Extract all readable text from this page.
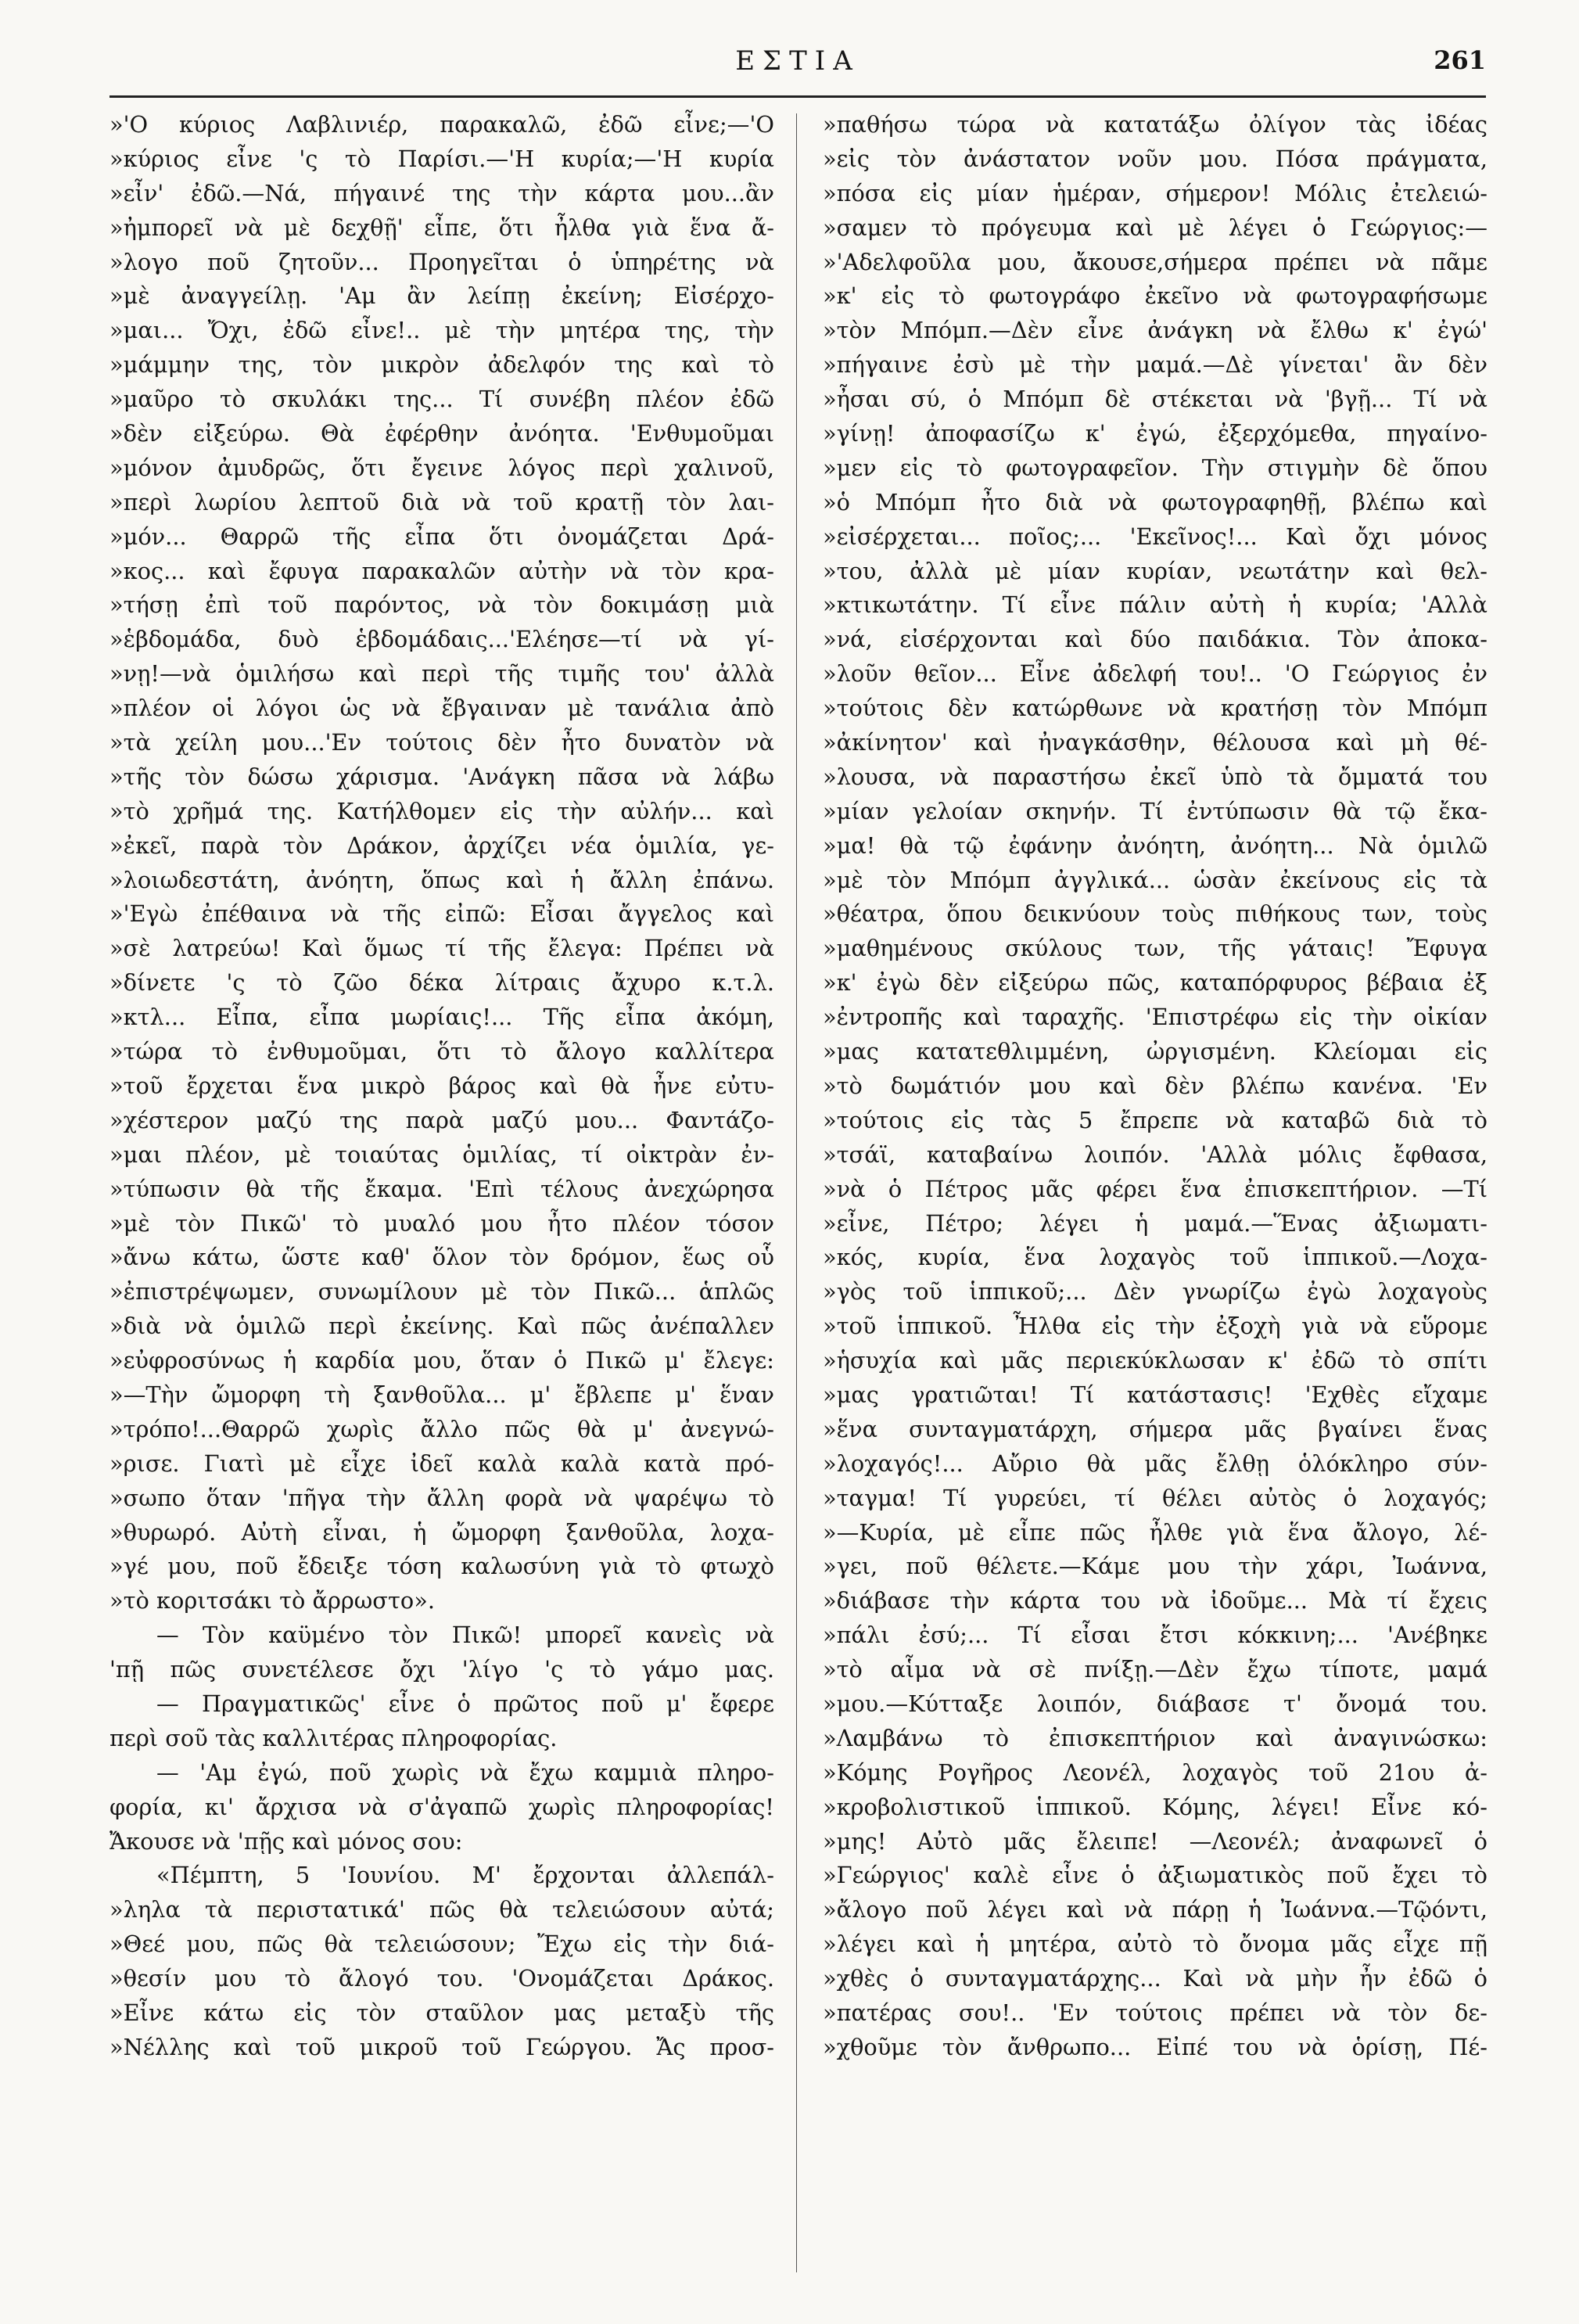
ΕΣΤΙΑ	261
»'Ο κύριος Λαβλινιέρ, παρακαλῶ, ἐδῶ εἶνε;—'Ο
»κύριος εἶνε 'ς τὸ Παρίσι.—'Η κυρία;—'Η κυρία
»εἶν' ἐδῶ.—Νά, πήγαινέ της τὴν κάρτα μου...ἂν
»ἠμπορεῖ νὰ μὲ δεχθῇ' εἶπε, ὅτι ἦλθα γιὰ ἕνα ἄ-
»λογο ποῦ ζητοῦν... Προηγεῖται ὁ ὑπηρέτης νὰ
»μὲ ἀναγγείλῃ. 'Αμ ἂν λείπῃ ἐκείνη; Εἰσέρχο-
»μαι... Ὄχι, ἐδῶ εἶνε!.. μὲ τὴν μητέρα της, τὴν
»μάμμην της, τὸν μικρὸν ἀδελφόν της καὶ τὸ
»μαῦρο τὸ σκυλάκι της... Τί συνέβη πλέον ἐδῶ
»δὲν εἰξεύρω. Θὰ ἐφέρθην ἀνόητα. 'Ενθυμοῦμαι
»μόνον ἀμυδρῶς, ὅτι ἔγεινε λόγος περὶ χαλινοῦ,
»περὶ λωρίου λεπτοῦ διὰ νὰ τοῦ κρατῇ τὸν λαι-
»μόν... Θαρρῶ τῆς εἶπα ὅτι ὀνομάζεται Δρά-
»κος... καὶ ἔφυγα παρακαλῶν αὐτὴν νὰ τὸν κρα-
»τήσῃ ἐπὶ τοῦ παρόντος, νὰ τὸν δοκιμάσῃ μιὰ
»ἑβδομάδα, δυὸ ἑβδομάδαις...'Ελέησε—τί νὰ γί-
»νῃ!—νὰ ὁμιλήσω καὶ περὶ τῆς τιμῆς του' ἀλλὰ
»πλέον οἱ λόγοι ὡς νὰ ἔβγαιναν μὲ τανάλια ἀπὸ
»τὰ χείλη μου...'Εν τούτοις δὲν ἦτο δυνατὸν νὰ
»τῆς τὸν δώσω χάρισμα. 'Ανάγκη πᾶσα νὰ λάβω
»τὸ χρῆμά της. Κατήλθομεν εἰς τὴν αὐλήν... καὶ
»ἐκεῖ, παρὰ τὸν Δράκον, ἀρχίζει νέα ὁμιλία, γε-
»λοιωδεστάτη, ἀνόητη, ὅπως καὶ ἡ ἄλλη ἐπάνω.
»'Εγὼ ἐπέθαινα νὰ τῆς εἰπῶ: Εἶσαι ἄγγελος καὶ
»σὲ λατρεύω! Καὶ ὅμως τί τῆς ἔλεγα: Πρέπει νὰ
»δίνετε 'ς τὸ ζῶο δέκα λίτραις ἄχυρο κ.τ.λ.
»κτλ... Εἶπα, εἶπα μωρίαις!... Τῆς εἶπα ἀκόμη,
»τώρα τὸ ἐνθυμοῦμαι, ὅτι τὸ ἄλογο καλλίτερα
»τοῦ ἔρχεται ἕνα μικρὸ βάρος καὶ θὰ ἦνε εὐτυ-
»χέστερον μαζύ της παρὰ μαζύ μου... Φαντάζο-
»μαι πλέον, μὲ τοιαύτας ὁμιλίας, τί οἰκτρὰν ἐν-
»τύπωσιν θὰ τῆς ἔκαμα. 'Επὶ τέλους ἀνεχώρησα
»μὲ τὸν Πικῶ' τὸ μυαλό μου ἦτο πλέον τόσον
»ἄνω κάτω, ὥστε καθ' ὅλον τὸν δρόμον, ἕως οὗ
»ἐπιστρέψωμεν, συνωμίλουν μὲ τὸν Πικῶ... ἁπλῶς
»διὰ νὰ ὁμιλῶ περὶ ἐκείνης. Καὶ πῶς ἀνέπαλλεν
»εὐφροσύνως ἡ καρδία μου, ὅταν ὁ Πικῶ μ' ἔλεγε:
»—Τὴν ὤμορφη τὴ ξανθοῦλα... μ' ἔβλεπε μ' ἕναν
»τρόπο!...Θαρρῶ χωρὶς ἄλλο πῶς θὰ μ' ἀνεγνώ-
»ρισε. Γιατὶ μὲ εἶχε ἰδεῖ καλὰ καλὰ κατὰ πρό-
»σωπο ὅταν 'πῆγα τὴν ἄλλη φορὰ νὰ ψαρέψω τὸ
»θυρωρό. Αὐτὴ εἶναι, ἡ ὤμορφη ξανθοῦλα, λοχα-
»γέ μου, ποῦ ἔδειξε τόση καλωσύνη γιὰ τὸ φτωχὸ
»τὸ κοριτσάκι τὸ ἄρρωστο».
— Τὸν καϋμένο τὸν Πικῶ! μπορεῖ κανεὶς νὰ
'πῇ πῶς συνετέλεσε ὄχι 'λίγο 'ς τὸ γάμο μας.
— Πραγματικῶς' εἶνε ὁ πρῶτος ποῦ μ' ἔφερε
περὶ σοῦ τὰς καλλιτέρας πληροφορίας.
— 'Αμ ἐγώ, ποῦ χωρὶς νὰ ἔχω καμμιὰ πληρο-
φορία, κι' ἄρχισα νὰ σ'ἀγαπῶ χωρὶς πληροφορίας!
Ἄκουσε νὰ 'πῇς καὶ μόνος σου:
«Πέμπτη, 5 'Ιουνίου. Μ' ἔρχονται ἀλλεπάλ-
»ληλα τὰ περιστατικά' πῶς θὰ τελειώσουν αὐτά;
»Θεέ μου, πῶς θὰ τελειώσουν; Ἔχω εἰς τὴν διά-
»θεσίν μου τὸ ἄλογό του. 'Ονομάζεται Δράκος.
»Εἶνε κάτω εἰς τὸν σταῦλον μας μεταξὺ τῆς
»Νέλλης καὶ τοῦ μικροῦ τοῦ Γεώργου. Ἄς προσ-
»παθήσω τώρα νὰ κατατάξω ὀλίγον τὰς ἰδέας
»εἰς τὸν ἀνάστατον νοῦν μου. Πόσα πράγματα,
»πόσα εἰς μίαν ἡμέραν, σήμερον! Μόλις ἐτελειώ-
»σαμεν τὸ πρόγευμα καὶ μὲ λέγει ὁ Γεώργιος:—
»'Αδελφοῦλα μου, ἄκουσε,σήμερα πρέπει νὰ πᾶμε
»κ' εἰς τὸ φωτογράφο ἐκεῖνο νὰ φωτογραφήσωμε
»τὸν Μπόμπ.—Δὲν εἶνε ἀνάγκη νὰ ἔλθω κ' ἐγώ'
»πήγαινε ἐσὺ μὲ τὴν μαμά.—Δὲ γίνεται' ἂν δὲν
»ἦσαι σύ, ὁ Μπόμπ δὲ στέκεται νὰ 'βγῇ... Τί νὰ
»γίνῃ! ἀποφασίζω κ' ἐγώ, ἐξερχόμεθα, πηγαίνο-
»μεν εἰς τὸ φωτογραφεῖον. Τὴν στιγμὴν δὲ ὅπου
»ὁ Μπόμπ ἦτο διὰ νὰ φωτογραφηθῇ, βλέπω καὶ
»εἰσέρχεται... ποῖος;... 'Εκεῖνος!... Καὶ ὄχι μόνος
»του, ἀλλὰ μὲ μίαν κυρίαν, νεωτάτην καὶ θελ-
»κτικωτάτην. Τί εἶνε πάλιν αὐτὴ ἡ κυρία; 'Αλλὰ
»νά, εἰσέρχονται καὶ δύο παιδάκια. Τὸν ἀποκα-
»λοῦν θεῖον... Εἶνε ἀδελφή του!.. 'Ο Γεώργιος ἐν
»τούτοις δὲν κατώρθωνε νὰ κρατήσῃ τὸν Μπόμπ
»ἀκίνητον' καὶ ἠναγκάσθην, θέλουσα καὶ μὴ θέ-
»λουσα, νὰ παραστήσω ἐκεῖ ὑπὸ τὰ ὄμματά του
»μίαν γελοίαν σκηνήν. Τί ἐντύπωσιν θὰ τῷ ἔκα-
»μα! θὰ τῷ ἐφάνην ἀνόητη, ἀνόητη... Νὰ ὁμιλῶ
»μὲ τὸν Μπόμπ ἀγγλικά... ὡσὰν ἐκείνους εἰς τὰ
»θέατρα, ὅπου δεικνύουν τοὺς πιθήκους των, τοὺς
»μαθημένους σκύλους των, τῆς γάταις! Ἔφυγα
»κ' ἐγὼ δὲν εἰξεύρω πῶς, καταπόρφυρος βέβαια ἐξ
»ἐντροπῆς καὶ ταραχῆς. 'Επιστρέφω εἰς τὴν οἰκίαν
»μας κατατεθλιμμένη, ὠργισμένη. Κλείομαι εἰς
»τὸ δωμάτιόν μου καὶ δὲν βλέπω κανένα. 'Εν
»τούτοις εἰς τὰς 5 ἔπρεπε νὰ καταβῶ διὰ τὸ
»τσάϊ, καταβαίνω λοιπόν. 'Αλλὰ μόλις ἔφθασα,
»νὰ ὁ Πέτρος μᾶς φέρει ἕνα ἐπισκεπτήριον. —Τί
»εἶνε, Πέτρο; λέγει ἡ μαμά.—Ἕνας ἀξιωματι-
»κός, κυρία, ἕνα λοχαγὸς τοῦ ἱππικοῦ.—Λοχα-
»γὸς τοῦ ἱππικοῦ;... Δὲν γνωρίζω ἐγὼ λοχαγοὺς
»τοῦ ἱππικοῦ. Ἦλθα εἰς τὴν ἐξοχὴ γιὰ νὰ εὕρομε
»ἡσυχία καὶ μᾶς περιεκύκλωσαν κ' ἐδῶ τὸ σπίτι
»μας γρατιῶται! Τί κατάστασις! 'Εχθὲς εἴχαμε
»ἕνα συνταγματάρχη, σήμερα μᾶς βγαίνει ἕνας
»λοχαγός!... Αὔριο θὰ μᾶς ἔλθῃ ὁλόκληρο σύν-
»ταγμα! Τί γυρεύει, τί θέλει αὐτὸς ὁ λοχαγός;
»—Κυρία, μὲ εἶπε πῶς ἦλθε γιὰ ἕνα ἄλογο, λέ-
»γει, ποῦ θέλετε.—Κάμε μου τὴν χάρι, Ἰωάννα,
»διάβασε τὴν κάρτα του νὰ ἰδοῦμε... Μὰ τί ἔχεις
»πάλι ἐσύ;... Τί εἶσαι ἔτσι κόκκινη;... 'Ανέβηκε
»τὸ αἷμα νὰ σὲ πνίξῃ.—Δὲν ἔχω τίποτε, μαμά
»μου.—Κύτταξε λοιπόν, διάβασε τ' ὄνομά του.
»Λαμβάνω τὸ ἐπισκεπτήριον καὶ ἀναγινώσκω:
»Κόμης Ρογῆρος Λεονέλ, λοχαγὸς τοῦ 21ου ἀ-
»κροβολιστικοῦ ἱππικοῦ. Κόμης, λέγει! Εἶνε κό-
»μης! Αὐτὸ μᾶς ἔλειπε! —Λεονέλ; ἀναφωνεῖ ὁ
»Γεώργιος' καλὲ εἶνε ὁ ἀξιωματικὸς ποῦ ἔχει τὸ
»ἄλογο ποῦ λέγει καὶ νὰ πάρῃ ἡ Ἰωάννα.—Τῷόντι,
»λέγει καὶ ἡ μητέρα, αὐτὸ τὸ ὄνομα μᾶς εἶχε πῇ
»χθὲς ὁ συνταγματάρχης... Καὶ νὰ μὴν ἦν ἐδῶ ὁ
»πατέρας σου!.. 'Εν τούτοις πρέπει νὰ τὸν δε-
»χθοῦμε τὸν ἄνθρωπο... Εἰπέ του νὰ ὁρίσῃ, Πέ-
